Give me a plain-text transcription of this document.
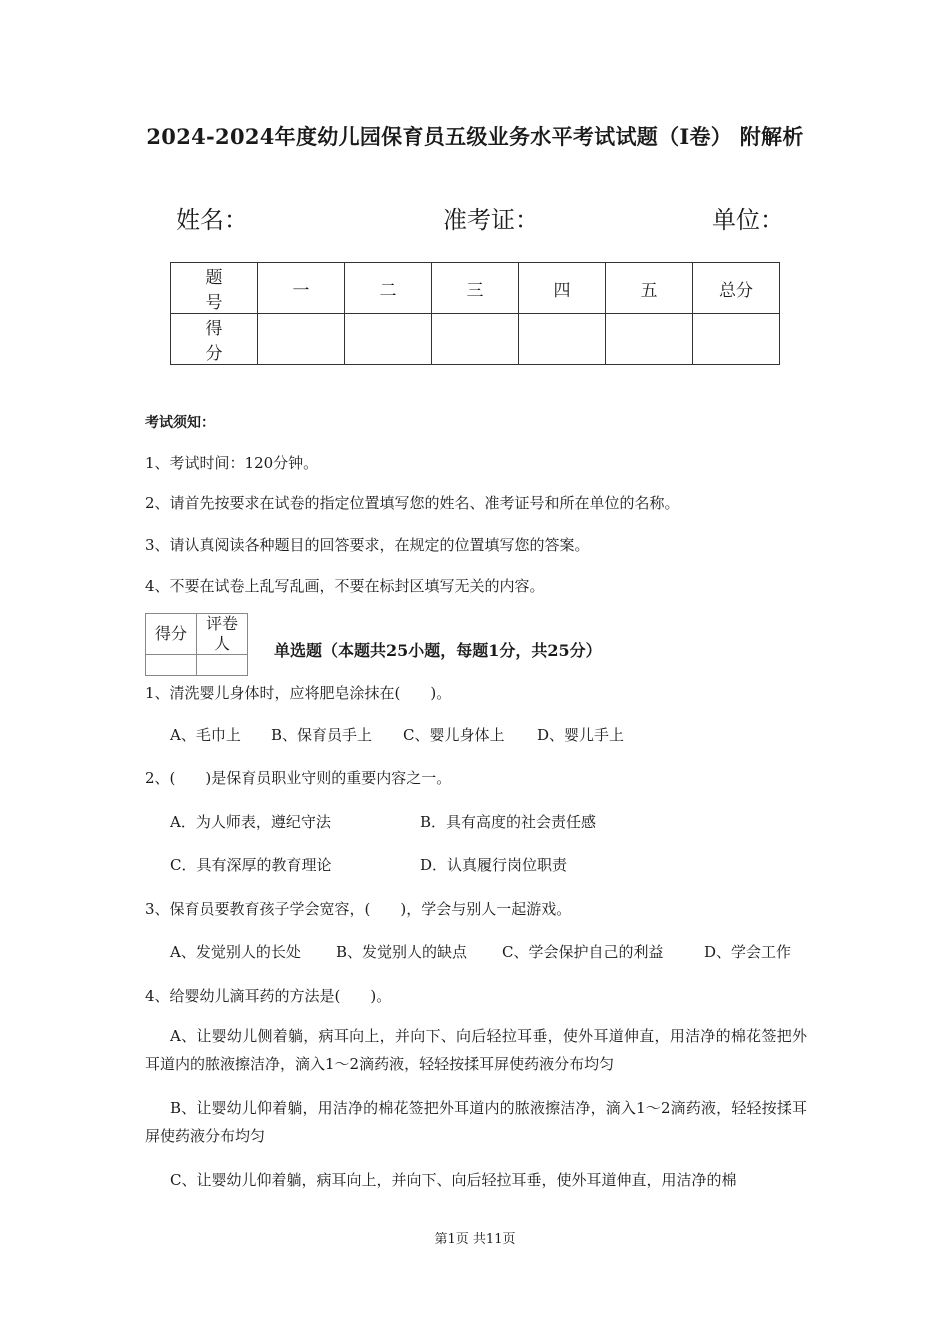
2024-2024年度幼儿园保育员五级业务水平考试试题（I卷） 附解析
姓名：	准考证：	单位：
题号	一	二	三	四	五	总分
得分						
考试须知：
1、考试时间：120分钟。
2、请首先按要求在试卷的指定位置填写您的姓名、准考证号和所在单位的名称。
3、请认真阅读各种题目的回答要求，在规定的位置填写您的答案。
4、不要在试卷上乱写乱画，不要在标封区填写无关的内容。
得分	评卷人
		单选题（本题共25小题，每题1分，共25分）
1、清洗婴儿身体时，应将肥皂涂抹在(　　)。
A、毛巾上 B、保育员手上 C、婴儿身体上 D、婴儿手上
2、(　　)是保育员职业守则的重要内容之一。
A．为人师表，遵纪守法	B．具有高度的社会责任感
C．具有深厚的教育理论	D．认真履行岗位职责
3、保育员要教育孩子学会宽容，(　　)，学会与别人一起游戏。
A、发觉别人的长处 B、发觉别人的缺点 C、学会保护自己的利益	D、学会工作
4、给婴幼儿滴耳药的方法是(　　)。
A、让婴幼儿侧着躺，病耳向上，并向下、向后轻拉耳垂，使外耳道伸直，用洁净的棉花签把外耳道内的脓液擦洁净，滴入1～2滴药液，轻轻按揉耳屏使药液分布均匀
B、让婴幼儿仰着躺，用洁净的棉花签把外耳道内的脓液擦洁净，滴入1～2滴药液，轻轻按揉耳屏使药液分布均匀
C、让婴幼儿仰着躺，病耳向上，并向下、向后轻拉耳垂，使外耳道伸直，用洁净的棉
第1页 共11页
